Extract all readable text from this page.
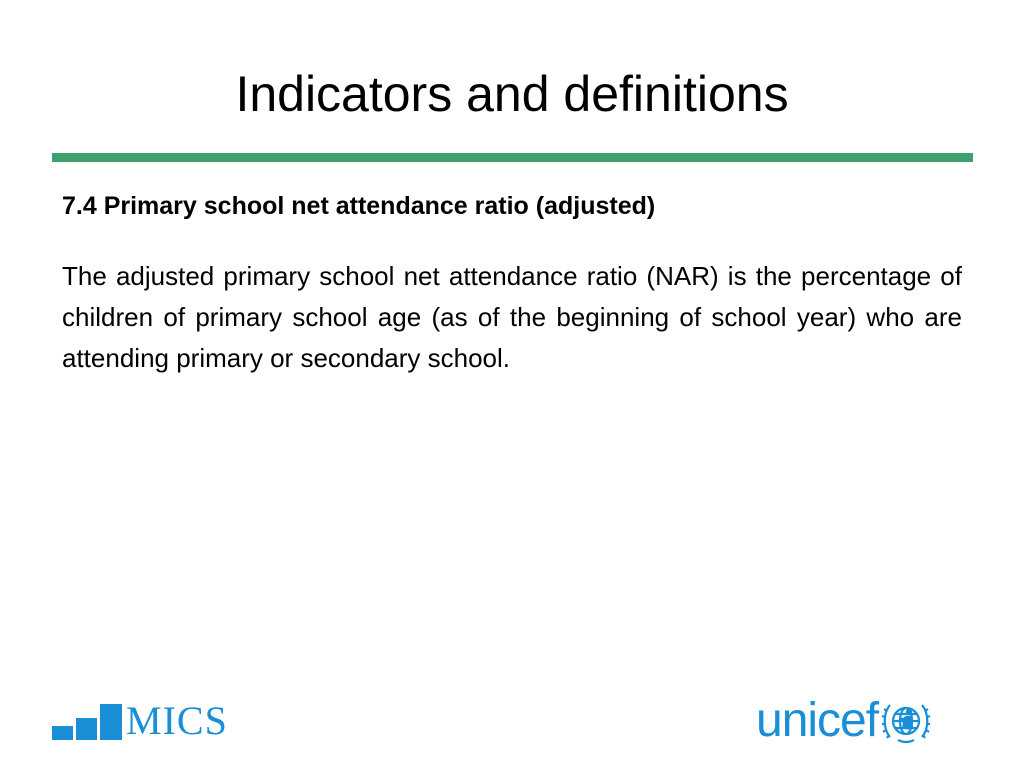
Indicators and definitions

7.4 Primary school net attendance ratio (adjusted)

The adjusted primary school net attendance ratio (NAR) is the percentage of children of primary school age (as of the beginning of school year) who are attending primary or secondary school.

MICS	unicef
